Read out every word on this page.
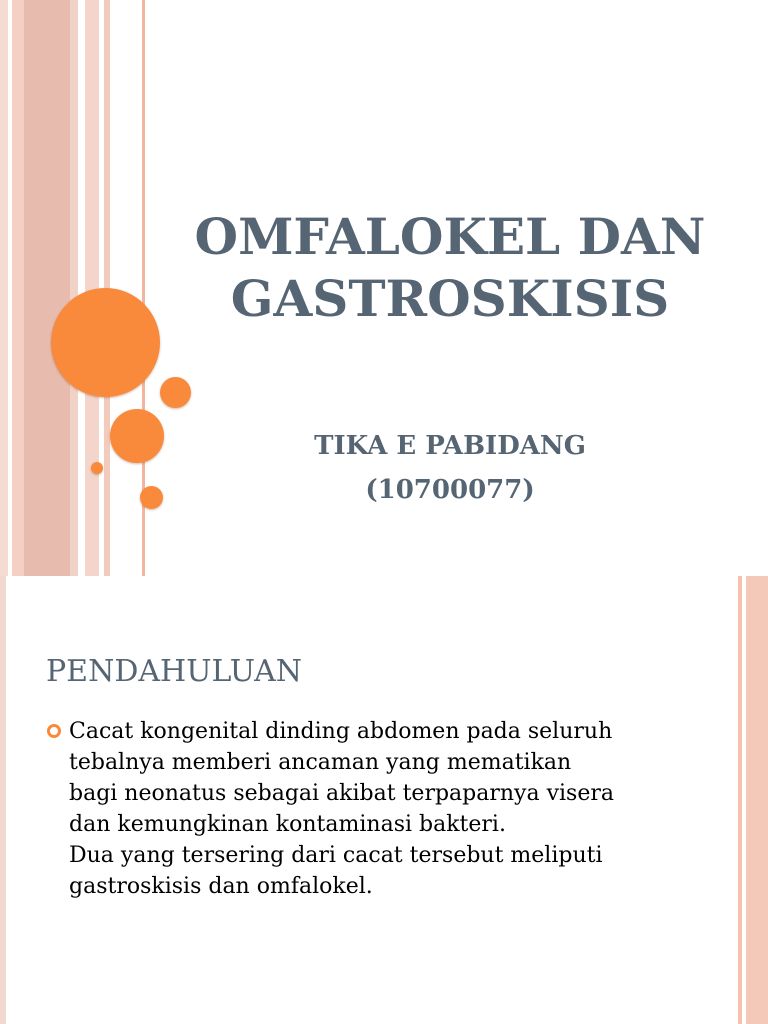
OMFALOKEL DAN
GASTROSKISIS
TIKA E PABIDANG
(10700077)
PENDAHULUAN
Cacat kongenital dinding abdomen pada seluruh
tebalnya memberi ancaman yang mematikan
bagi neonatus sebagai akibat terpaparnya visera
dan kemungkinan kontaminasi bakteri.
Dua yang tersering dari cacat tersebut meliputi
gastroskisis dan omfalokel.
